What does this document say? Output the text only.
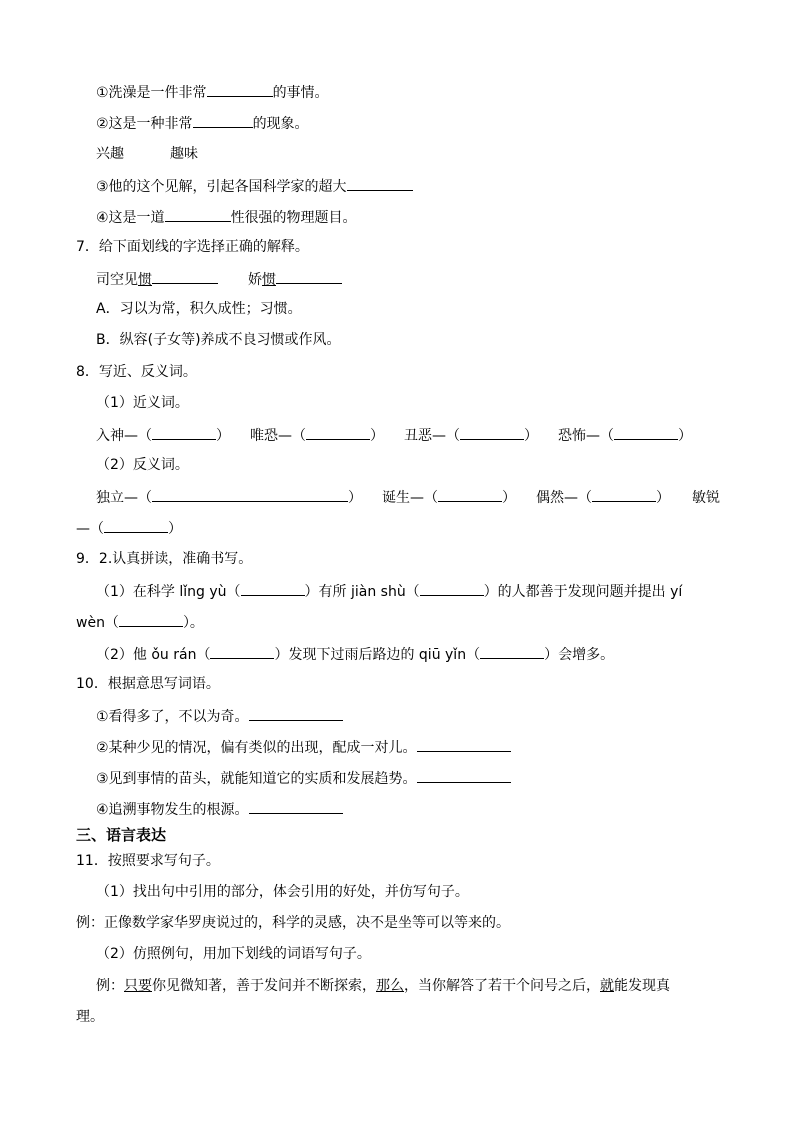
①洗澡是一件非常	的事情。
②这是一种非常	的现象。
兴趣	趣味
③他的这个见解，引起各国科学家的超大
④这是一道	性很强的物理题目。
7．给下面划线的字选择正确的解释。
司空见惯	娇惯
A．习以为常，积久成性；习惯。
B．纵容(子女等)养成不良习惯或作风。
8．写近、反义词。
（1）近义词。
入神—（	） 唯恐—（	） 丑恶—（	） 恐怖—（	）
（2）反义词。
独立—（	） 诞生—（	） 偶然—（	） 敏锐
—（	）
9．2.认真拼读，准确书写。
（1）在科学 lǐng yù（	）有所 jiàn shù（	）的人都善于发现问题并提出 yí
wèn（	）。
（2）他 ǒu rán（	）发现下过雨后路边的 qiū yǐn（	）会增多。
10．根据意思写词语。
①看得多了，不以为奇。
②某种少见的情况，偏有类似的出现，配成一对儿。
③见到事情的苗头，就能知道它的实质和发展趋势。
④追溯事物发生的根源。
三、语言表达
11．按照要求写句子。
（1）找出句中引用的部分，体会引用的好处，并仿写句子。
例：正像数学家华罗庚说过的，科学的灵感，决不是坐等可以等来的。
（2）仿照例句，用加下划线的词语写句子。
例：只要你见微知著，善于发问并不断探索，那么，当你解答了若干个问号之后，就能发现真
理。
